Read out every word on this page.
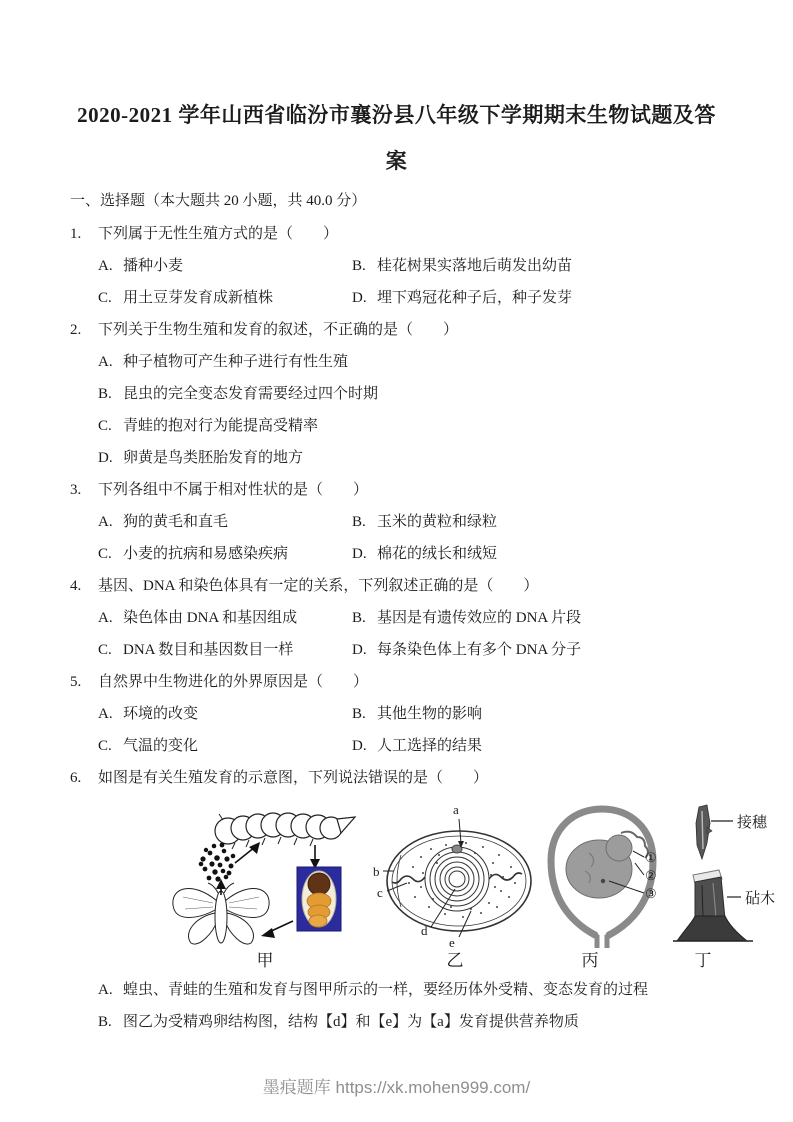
2020-2021 学年山西省临汾市襄汾县八年级下学期期末生物试题及答案
一、选择题（本大题共 20 小题，共 40.0 分）
1. 下列属于无性生殖方式的是（　　）
A. 播种小麦	B. 桂花树果实落地后萌发出幼苗
C. 用土豆芽发育成新植株	D. 埋下鸡冠花种子后，种子发芽
2. 下列关于生物生殖和发育的叙述，不正确的是（　　）
A. 种子植物可产生种子进行有性生殖
B. 昆虫的完全变态发育需要经过四个时期
C. 青蛙的抱对行为能提高受精率
D. 卵黄是鸟类胚胎发育的地方
3. 下列各组中不属于相对性状的是（　　）
A. 狗的黄毛和直毛	B. 玉米的黄粒和绿粒
C. 小麦的抗病和易感染疾病	D. 棉花的绒长和绒短
4. 基因、DNA 和染色体具有一定的关系，下列叙述正确的是（　　）
A. 染色体由 DNA 和基因组成	B. 基因是有遗传效应的 DNA 片段
C. DNA 数目和基因数目一样	D. 每条染色体上有多个 DNA 分子
5. 自然界中生物进化的外界原因是（　　）
A. 环境的改变	B. 其他生物的影响
C. 气温的变化	D. 人工选择的结果
6. 如图是有关生殖发育的示意图，下列说法错误的是（　　）
甲
a
b
c
d
e
乙
①
②
③
丙
接穗
砧木
丁
A. 蝗虫、青蛙的生殖和发育与图甲所示的一样，要经历体外受精、变态发育的过程
B. 图乙为受精鸡卵结构图，结构【d】和【e】为【a】发育提供营养物质
墨痕题库 https://xk.mohen999.com/
